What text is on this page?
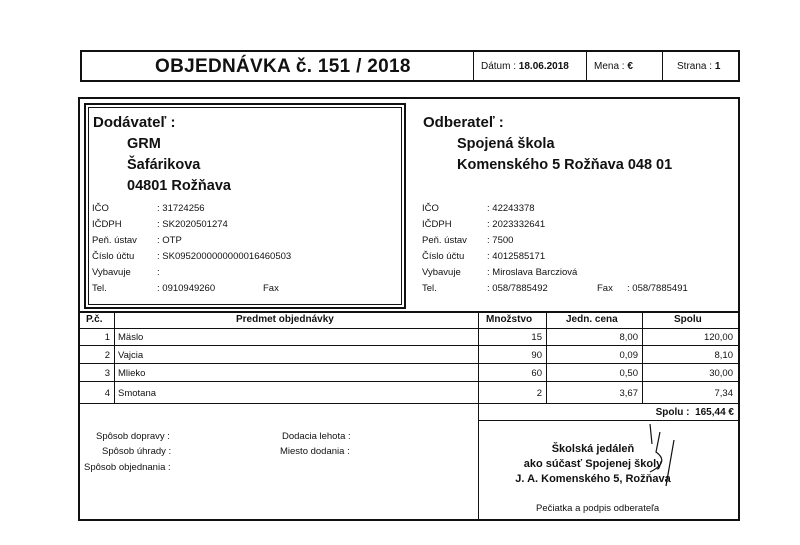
OBJEDNÁVKA č. 151 / 2018	Dátum : 18.06.2018	Mena : €	Strana : 1
Dodávateľ :
GRM
Šafárikova
04801 Rožňava
IČO	: 31724256
IČDPH	: SK2020501274
Peň. ústav : OTP
Číslo účtu : SK0952000000000016460503
Vybavuje	:
Tel.	: 0910949260	Fax
Odberateľ :
Spojená škola
Komenského 5 Rožňava 048 01
IČO	: 42243378
IČDPH	: 2023332641
Peň. ústav : 7500
Číslo účtu : 4012585171
Vybavuje	: Miroslava Barcziová
Tel.	: 058/7885492	Fax : 058/7885491
P.č.	Predmet objednávky	Množstvo	Jedn. cena	Spolu
1 Mäslo	15	8,00	120,00
2 Vajcia	90	0,09	8,10
3 Mlieko	60	0,50	30,00
4 Smotana	2	3,67	7,34
Spolu : 165,44 €
Spôsob dopravy :
Spôsob úhrady :
Spôsob objednania :
Dodacia lehota :
Miesto dodania :	Školská jedáleň
ako súčasť Spojenej školy
J. A. Komenského 5, Rožňava
Pečiatka a podpis odberateľa
